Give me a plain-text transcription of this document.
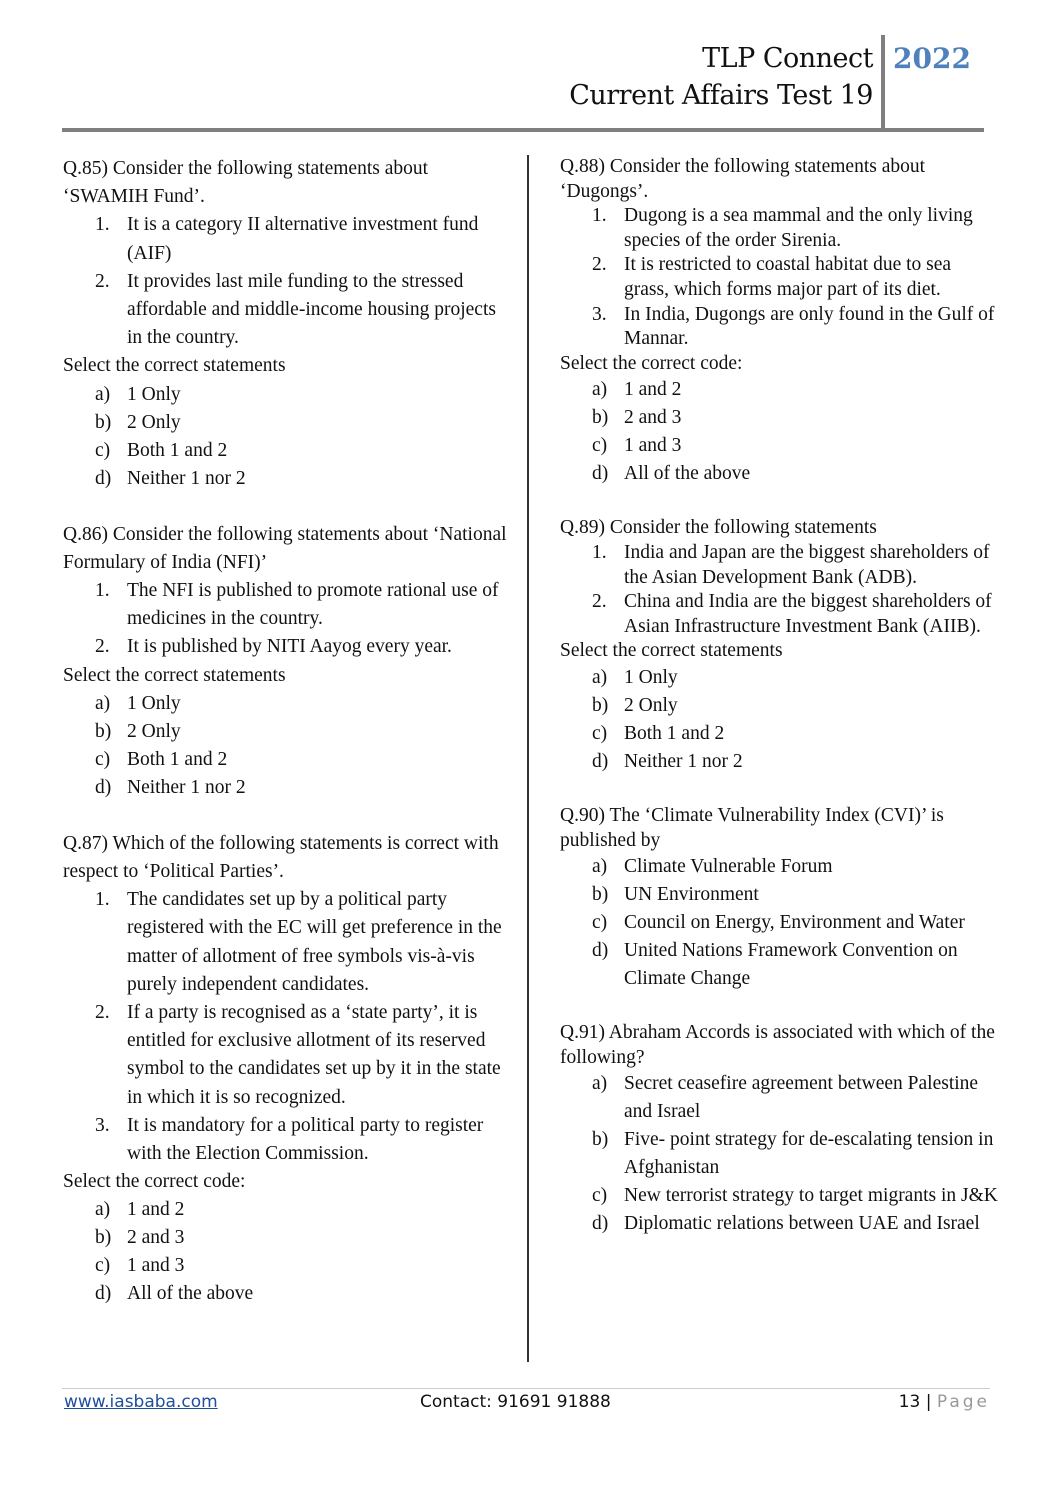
TLP Connect
Current Affairs Test 19
2022
Q.85) Consider the following statements about ‘SWAMIH Fund’.
1. It is a category II alternative investment fund (AIF)
2. It provides last mile funding to the stressed affordable and middle-income housing projects in the country.
Select the correct statements
a) 1 Only
b) 2 Only
c) Both 1 and 2
d) Neither 1 nor 2
Q.86) Consider the following statements about ‘National Formulary of India (NFI)’
1. The NFI is published to promote rational use of medicines in the country.
2. It is published by NITI Aayog every year.
Select the correct statements
a) 1 Only
b) 2 Only
c) Both 1 and 2
d) Neither 1 nor 2
Q.87) Which of the following statements is correct with respect to ‘Political Parties’.
1. The candidates set up by a political party registered with the EC will get preference in the matter of allotment of free symbols vis-à-vis purely independent candidates.
2. If a party is recognised as a ‘state party’, it is entitled for exclusive allotment of its reserved symbol to the candidates set up by it in the state in which it is so recognized.
3. It is mandatory for a political party to register with the Election Commission.
Select the correct code:
a) 1 and 2
b) 2 and 3
c) 1 and 3
d) All of the above
Q.88) Consider the following statements about ‘Dugongs’.
1. Dugong is a sea mammal and the only living species of the order Sirenia.
2. It is restricted to coastal habitat due to sea grass, which forms major part of its diet.
3. In India, Dugongs are only found in the Gulf of Mannar.
Select the correct code:
a) 1 and 2
b) 2 and 3
c) 1 and 3
d) All of the above
Q.89) Consider the following statements
1. India and Japan are the biggest shareholders of the Asian Development Bank (ADB).
2. China and India are the biggest shareholders of Asian Infrastructure Investment Bank (AIIB).
Select the correct statements
a) 1 Only
b) 2 Only
c) Both 1 and 2
d) Neither 1 nor 2
Q.90) The ‘Climate Vulnerability Index (CVI)’ is published by
a) Climate Vulnerable Forum
b) UN Environment
c) Council on Energy, Environment and Water
d) United Nations Framework Convention on Climate Change
Q.91) Abraham Accords is associated with which of the following?
a) Secret ceasefire agreement between Palestine and Israel
b) Five- point strategy for de-escalating tension in Afghanistan
c) New terrorist strategy to target migrants in J&K
d) Diplomatic relations between UAE and Israel
www.iasbaba.com	Contact: 91691 91888	13 | Page
